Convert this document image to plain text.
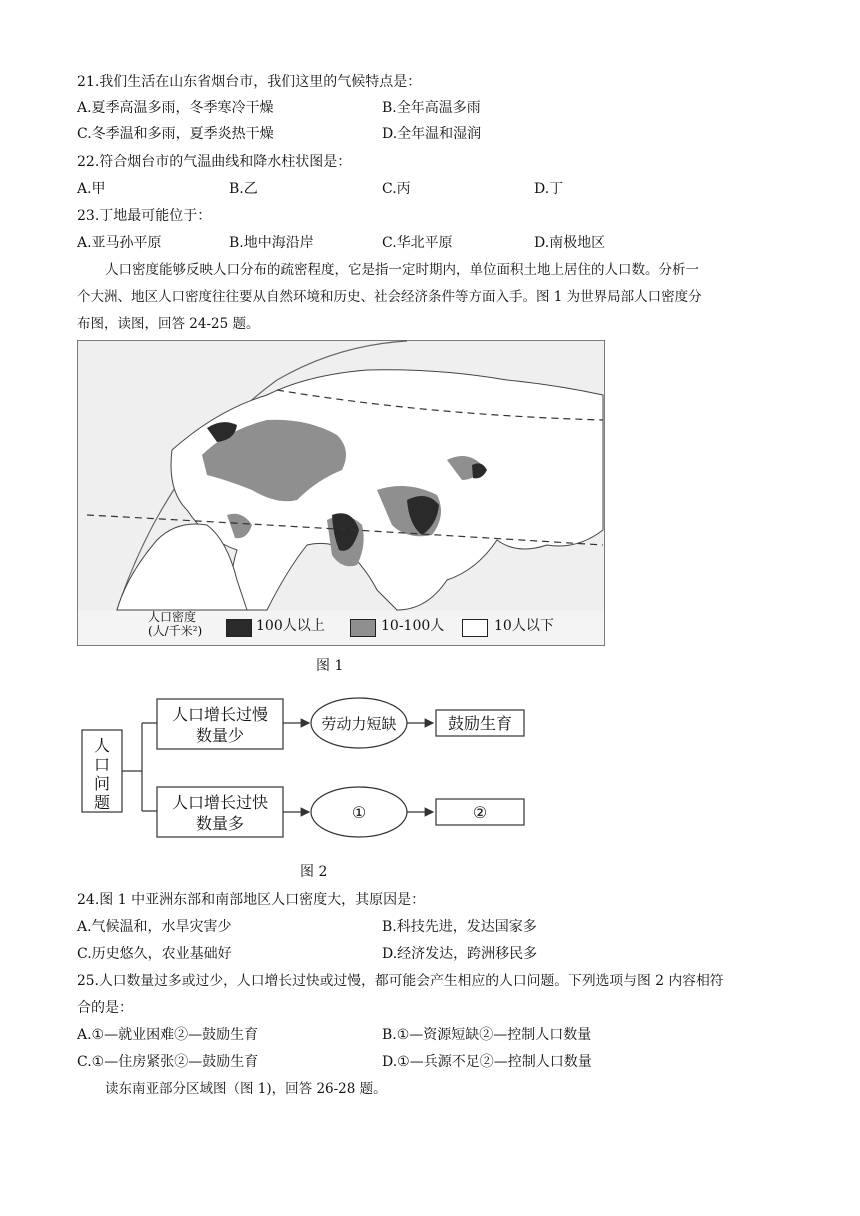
21.我们生活在山东省烟台市，我们这里的气候特点是：
A.夏季高温多雨，冬季寒冷干燥	B.全年高温多雨
C.冬季温和多雨，夏季炎热干燥	D.全年温和湿润
22.符合烟台市的气温曲线和降水柱状图是：
A.甲	B.乙	C.丙	D.丁
23.丁地最可能位于：
A.亚马孙平原	B.地中海沿岸	C.华北平原	D.南极地区
人口密度能够反映人口分布的疏密程度，它是指一定时期内，单位面积土地上居住的人口数。分析一
个大洲、地区人口密度往往要从自然环境和历史、社会经济条件等方面入手。图 1 为世界局部人口密度分
布图，读图，回答 24-25 题。
人口密度
(人/千米²)	100人以上	10-100人	10人以下
图 1
人
口
问
题
人口增长过慢
数量少
劳动力短缺	鼓励生育
人口增长过快
数量多
①	②
图 2
24.图 1 中亚洲东部和南部地区人口密度大，其原因是：
A.气候温和，水旱灾害少	B.科技先进，发达国家多
C.历史悠久，农业基础好	D.经济发达，跨洲移民多
25.人口数量过多或过少，人口增长过快或过慢，都可能会产生相应的人口问题。下列选项与图 2 内容相符
合的是：
A.①—就业困难②—鼓励生育	B.①—资源短缺②—控制人口数量
C.①—住房紧张②—鼓励生育	D.①—兵源不足②—控制人口数量
读东南亚部分区域图（图 1)，回答 26-28 题。
